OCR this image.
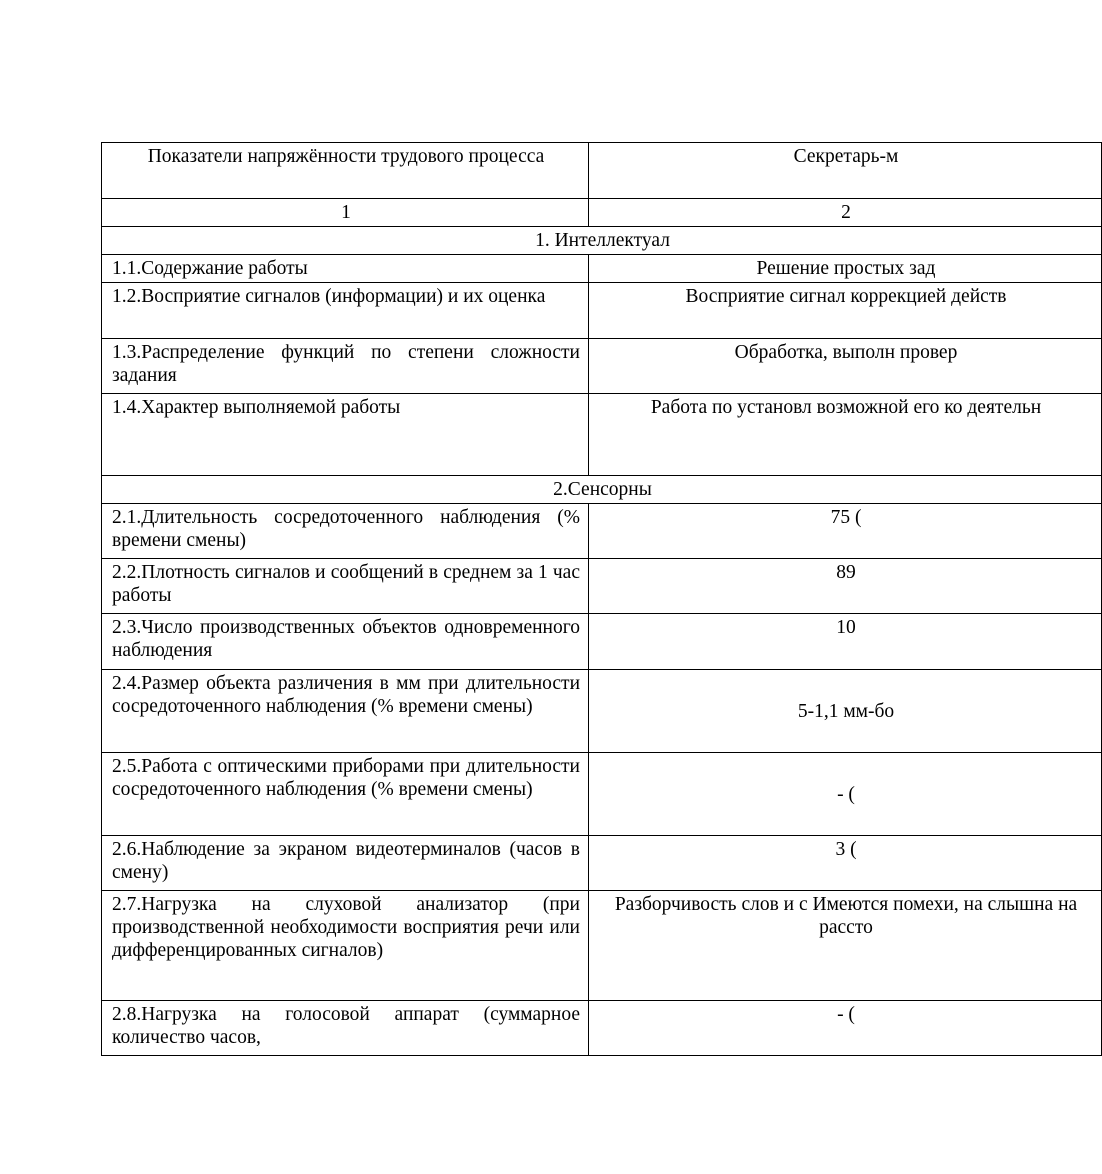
Показатели напряжённости трудового процесса	Секретарь-м
1	2
1. Интеллектуал	
1.1.Содержание работы	Решение простых зад
1.2.Восприятие сигналов (информации) и их оценка	Восприятие сигнал коррекцией действ
1.3.Распределение функций по степени сложности задания	Обработка, выполн провер
1.4.Характер выполняемой работы	Работа по установл возможной его ко деятельн
2.Сенсорны	
2.1.Длительность сосредоточенного наблюдения (% времени смены)	75 (
2.2.Плотность сигналов и сообщений в среднем за 1 час работы	89
2.3.Число производственных объектов одновременного наблюдения	10
2.4.Размер объекта различения в мм при длительности сосредоточенного наблюдения (% времени смены)	5-1,1 мм-бо
2.5.Работа с оптическими приборами при длительности сосредоточенного наблюдения (% времени смены)	- (
2.6.Наблюдение за экраном видеотерминалов (часов в смену)	3 (
2.7.Нагрузка на слуховой анализатор (при производственной необходимости восприятия речи или дифференцированных сигналов)	Разборчивость слов и с Имеются помехи, на слышна на рассто
2.8.Нагрузка на голосовой аппарат (суммарное количество часов,	- (
